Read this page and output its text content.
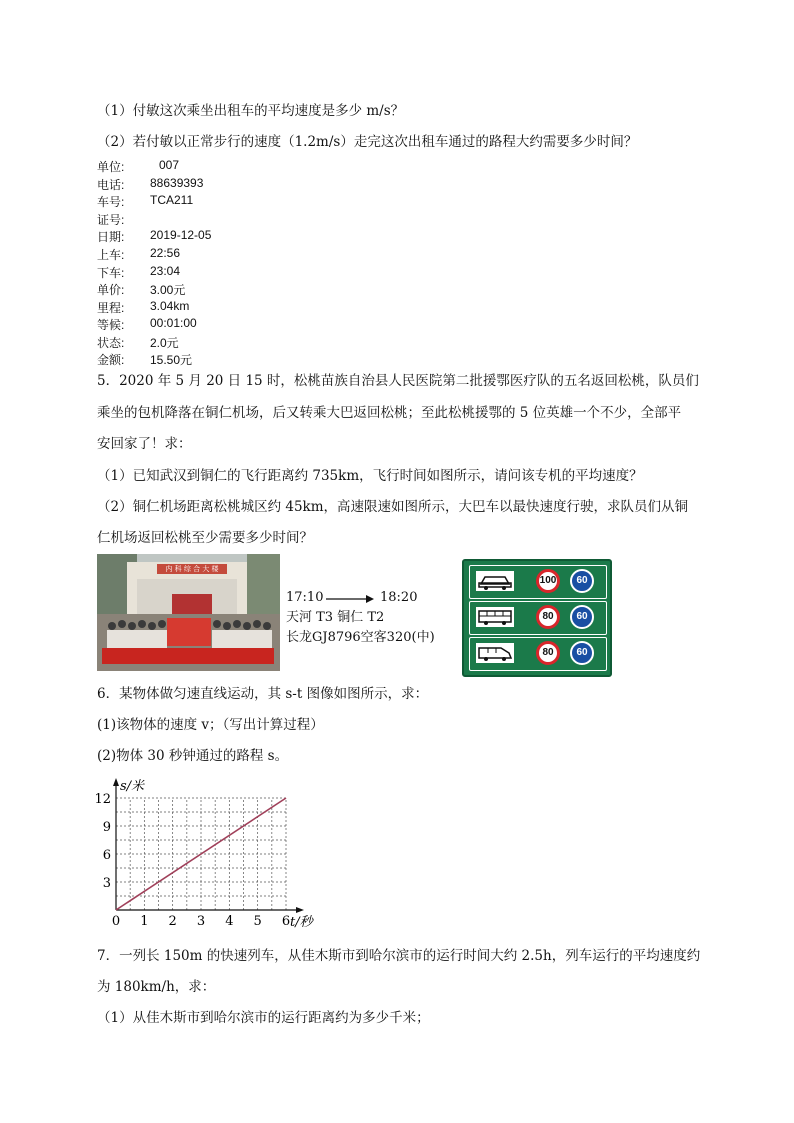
（1）付敏这次乘坐出租车的平均速度是多少 m/s？
（2）若付敏以正常步行的速度（1.2m/s）走完这次出租车通过的路程大约需要多少时间？
单位:	007
电话: 88639393
车号: TCA211
证号:
日期: 2019-12-05
上车: 22:56
下车: 23:04
单价: 3.00元
里程: 3.04km
等候: 00:01:00
状态: 2.0元
金额: 15.50元
5．2020 年 5 月 20 日 15 时，松桃苗族自治县人民医院第二批援鄂医疗队的五名返回松桃，队员们
乘坐的包机降落在铜仁机场，后又转乘大巴返回松桃；至此松桃援鄂的 5 位英雄一个不少，全部平
安回家了！求：
（1）已知武汉到铜仁的飞行距离约 735km，飞行时间如图所示，请问该专机的平均速度？
（2）铜仁机场距离松桃城区约 45km，高速限速如图所示，大巴车以最快速度行驶，求队员们从铜
仁机场返回松桃至少需要多少时间？
内 科 综 合 大 楼
17:10	18:20
天河 T3 铜仁 T2
长龙GJ8796空客320(中)
100	60
80	60
80	60
6．某物体做匀速直线运动，其 s-t 图像如图所示，求：
(1)该物体的速度 v；（写出计算过程）
(2)物体 30 秒钟通过的路程 s。
0 1 2 3 4 5 6
3
6
9
12
t/秒
s/米
7．一列长 150m 的快速列车，从佳木斯市到哈尔滨市的运行时间大约 2.5h，列车运行的平均速度约
为 180km/h，求：
（1）从佳木斯市到哈尔滨市的运行距离约为多少千米；
